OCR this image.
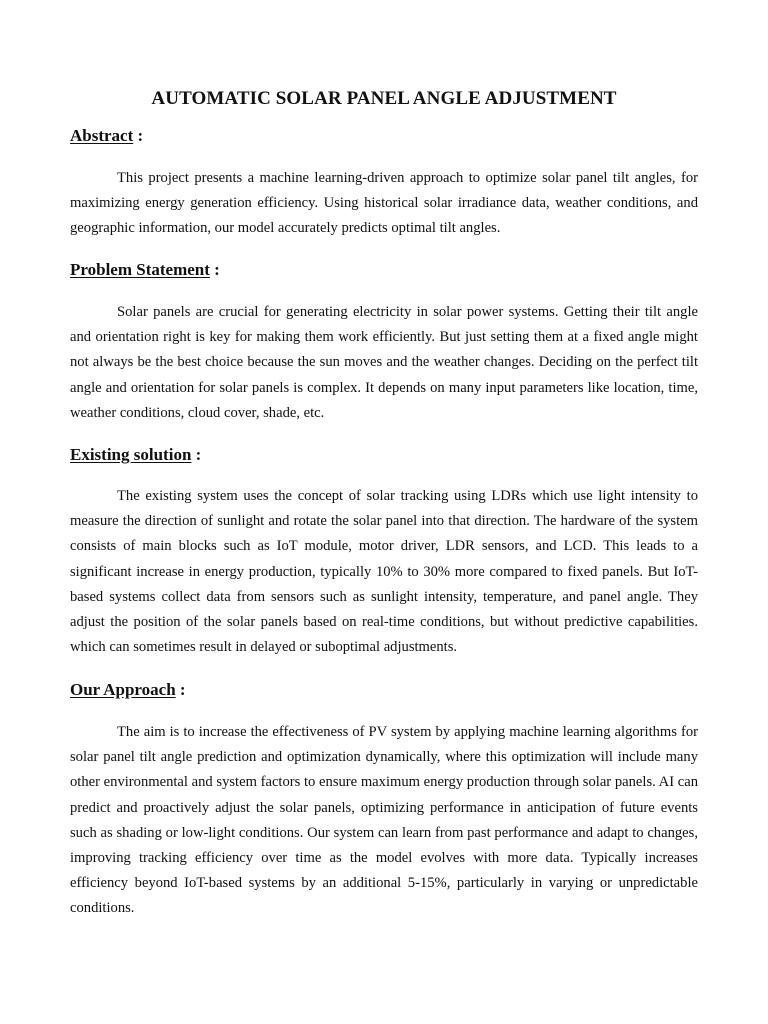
AUTOMATIC SOLAR PANEL ANGLE ADJUSTMENT
Abstract :

This project presents a machine learning-driven approach to optimize solar panel tilt angles, for maximizing energy generation efficiency. Using historical solar irradiance data, weather conditions, and geographic information, our model accurately predicts optimal tilt angles.

Problem Statement :

Solar panels are crucial for generating electricity in solar power systems. Getting their tilt angle and orientation right is key for making them work efficiently. But just setting them at a fixed angle might not always be the best choice because the sun moves and the weather changes. Deciding on the perfect tilt angle and orientation for solar panels is complex. It depends on many input parameters like location, time, weather conditions, cloud cover, shade, etc.

Existing solution :

The existing system uses the concept of solar tracking using LDRs which use light intensity to measure the direction of sunlight and rotate the solar panel into that direction. The hardware of the system consists of main blocks such as IoT module, motor driver, LDR sensors, and LCD. This leads to a significant increase in energy production, typically 10% to 30% more compared to fixed panels. But IoT-based systems collect data from sensors such as sunlight intensity, temperature, and panel angle. They adjust the position of the solar panels based on real-time conditions, but without predictive capabilities. which can sometimes result in delayed or suboptimal adjustments.

Our Approach :

The aim is to increase the effectiveness of PV system by applying machine learning algorithms for solar panel tilt angle prediction and optimization dynamically, where this optimization will include many other environmental and system factors to ensure maximum energy production through solar panels. AI can predict and proactively adjust the solar panels, optimizing performance in anticipation of future events such as shading or low-light conditions. Our system can learn from past performance and adapt to changes, improving tracking efficiency over time as the model evolves with more data. Typically increases efficiency beyond IoT-based systems by an additional 5-15%, particularly in varying or unpredictable conditions.
